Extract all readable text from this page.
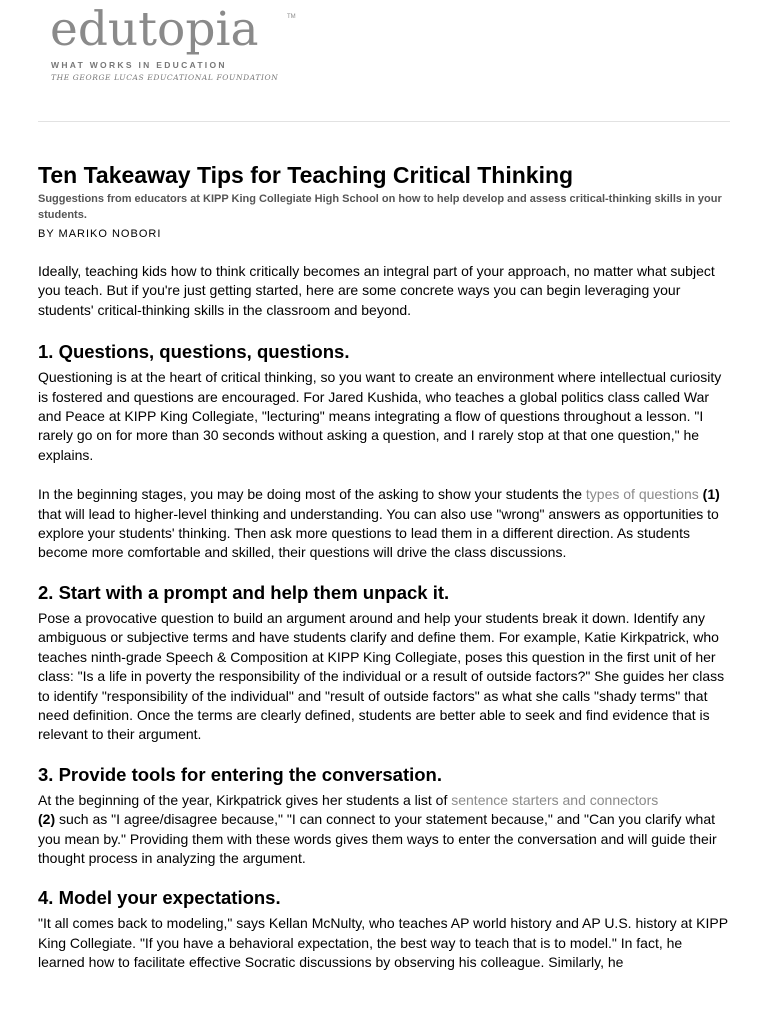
edutopia	TM
WHAT WORKS IN EDUCATION
THE GEORGE LUCAS EDUCATIONAL FOUNDATION
Ten Takeaway Tips for Teaching Critical Thinking
Suggestions from educators at KIPP King Collegiate High School on how to help develop and assess critical-thinking skills in your students.
BY MARIKO NOBORI

Ideally, teaching kids how to think critically becomes an integral part of your approach, no matter what subject you teach. But if you're just getting started, here are some concrete ways you can begin leveraging your students' critical-thinking skills in the classroom and beyond.

1. Questions, questions, questions.

Questioning is at the heart of critical thinking, so you want to create an environment where intellectual curiosity is fostered and questions are encouraged. For Jared Kushida, who teaches a global politics class called War and Peace at KIPP King Collegiate, "lecturing" means integrating a flow of questions throughout a lesson. "I rarely go on for more than 30 seconds without asking a question, and I rarely stop at that one question," he explains.

In the beginning stages, you may be doing most of the asking to show your students the types of questions (1) that will lead to higher-level thinking and understanding. You can also use "wrong" answers as opportunities to explore your students' thinking. Then ask more questions to lead them in a different direction. As students become more comfortable and skilled, their questions will drive the class discussions.

2. Start with a prompt and help them unpack it.

Pose a provocative question to build an argument around and help your students break it down. Identify any ambiguous or subjective terms and have students clarify and define them. For example, Katie Kirkpatrick, who teaches ninth-grade Speech & Composition at KIPP King Collegiate, poses this question in the first unit of her class: "Is a life in poverty the responsibility of the individual or a result of outside factors?" She guides her class to identify "responsibility of the individual" and "result of outside factors" as what she calls "shady terms" that need definition. Once the terms are clearly defined, students are better able to seek and find evidence that is relevant to their argument.

3. Provide tools for entering the conversation.

At the beginning of the year, Kirkpatrick gives her students a list of sentence starters and connectors
(2) such as "I agree/disagree because," "I can connect to your statement because," and "Can you clarify what you mean by." Providing them with these words gives them ways to enter the conversation and will guide their thought process in analyzing the argument.

4. Model your expectations.

"It all comes back to modeling," says Kellan McNulty, who teaches AP world history and AP U.S. history at KIPP King Collegiate. "If you have a behavioral expectation, the best way to teach that is to model." In fact, he learned how to facilitate effective Socratic discussions by observing his colleague. Similarly, he
